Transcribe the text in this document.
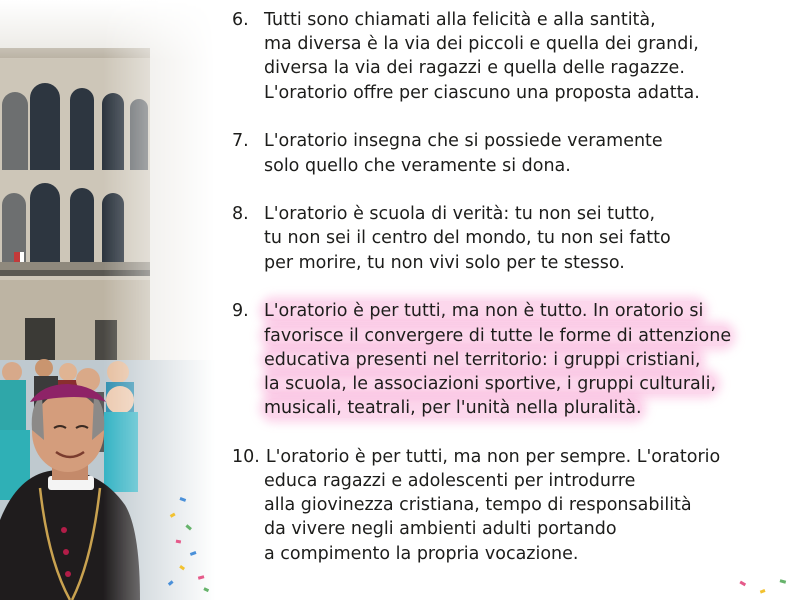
6. Tutti sono chiamati alla felicità e alla santità,
ma diversa è la via dei piccoli e quella dei grandi,
diversa la via dei ragazzi e quella delle ragazze.
L'oratorio offre per ciascuno una proposta adatta.
7. L'oratorio insegna che si possiede veramente
solo quello che veramente si dona.
8. L'oratorio è scuola di verità: tu non sei tutto,
tu non sei il centro del mondo, tu non sei fatto
per morire, tu non vivi solo per te stesso.
9. L'oratorio è per tutti, ma non è tutto. In oratorio si
favorisce il convergere di tutte le forme di attenzione
educativa presenti nel territorio: i gruppi cristiani,
la scuola, le associazioni sportive, i gruppi culturali,
musicali, teatrali, per l'unità nella pluralità.
10. L'oratorio è per tutti, ma non per sempre. L'oratorio
educa ragazzi e adolescenti per introdurre
alla giovinezza cristiana, tempo di responsabilità
da vivere negli ambienti adulti portando
a compimento la propria vocazione.
